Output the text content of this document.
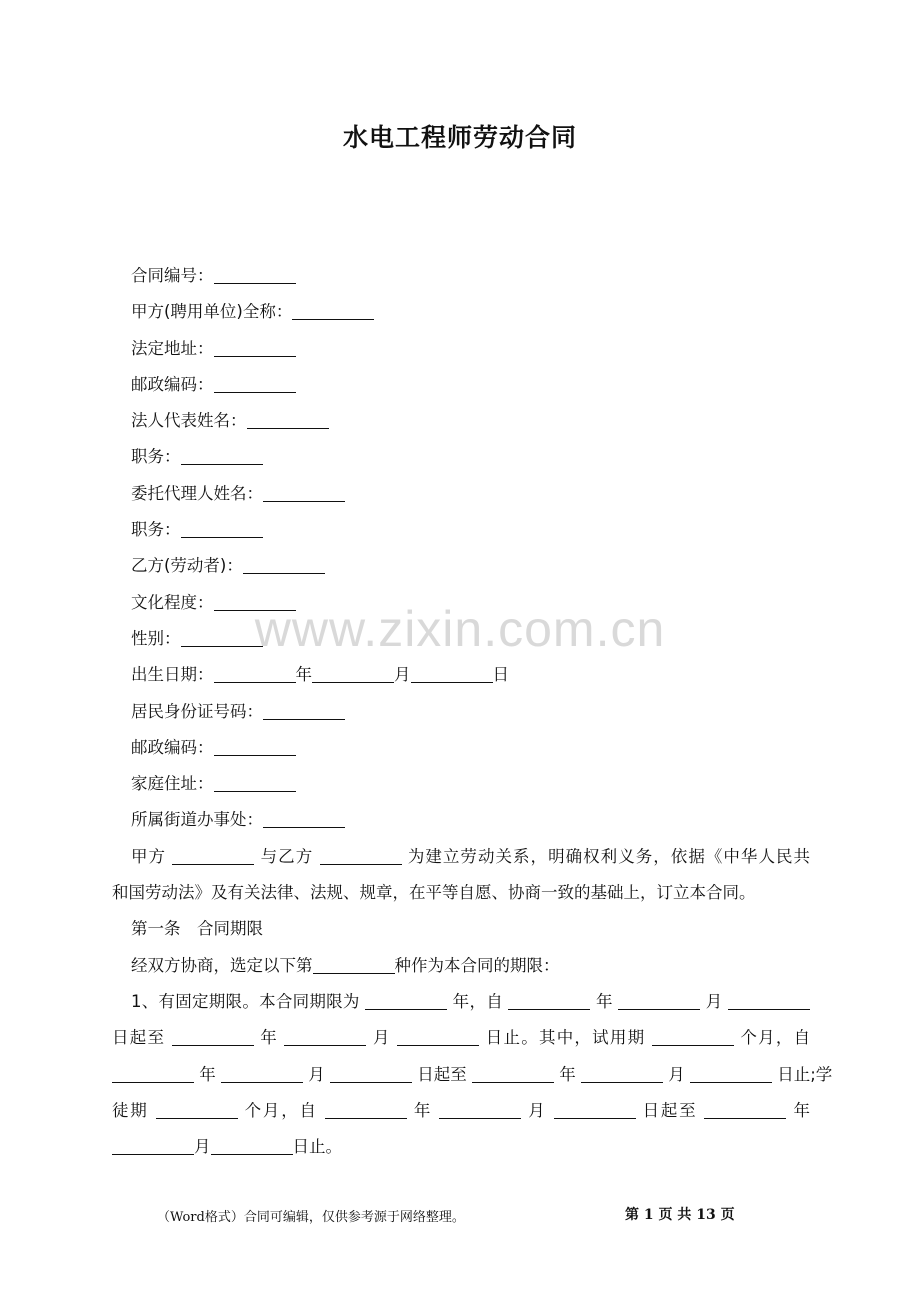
水电工程师劳动合同
www.zixin.com.cn
合同编号：
甲方(聘用单位)全称：
法定地址：
邮政编码：
法人代表姓名：
职务：
委托代理人姓名：
职务：
乙方(劳动者)：
文化程度：
性别：
出生日期：	年	月	日
居民身份证号码：
邮政编码：
家庭住址：
所属街道办事处：
甲方	与乙方	为建立劳动关系，明确权利义务，依据《中华人民共
和国劳动法》及有关法律、法规、规章，在平等自愿、协商一致的基础上，订立本合同。
第一条　合同期限
经双方协商，选定以下第	种作为本合同的期限：
1、有固定期限。本合同期限为	年，自	年	月
日起至	年	月	日止。其中，试用期	个月，自
年	月	日起至	年	月	日止;学
徒期	个月，自	年	月	日起至	年
月	日止。
（Word格式）合同可编辑，仅供参考源于网络整理。	第 1 页 共 13 页
